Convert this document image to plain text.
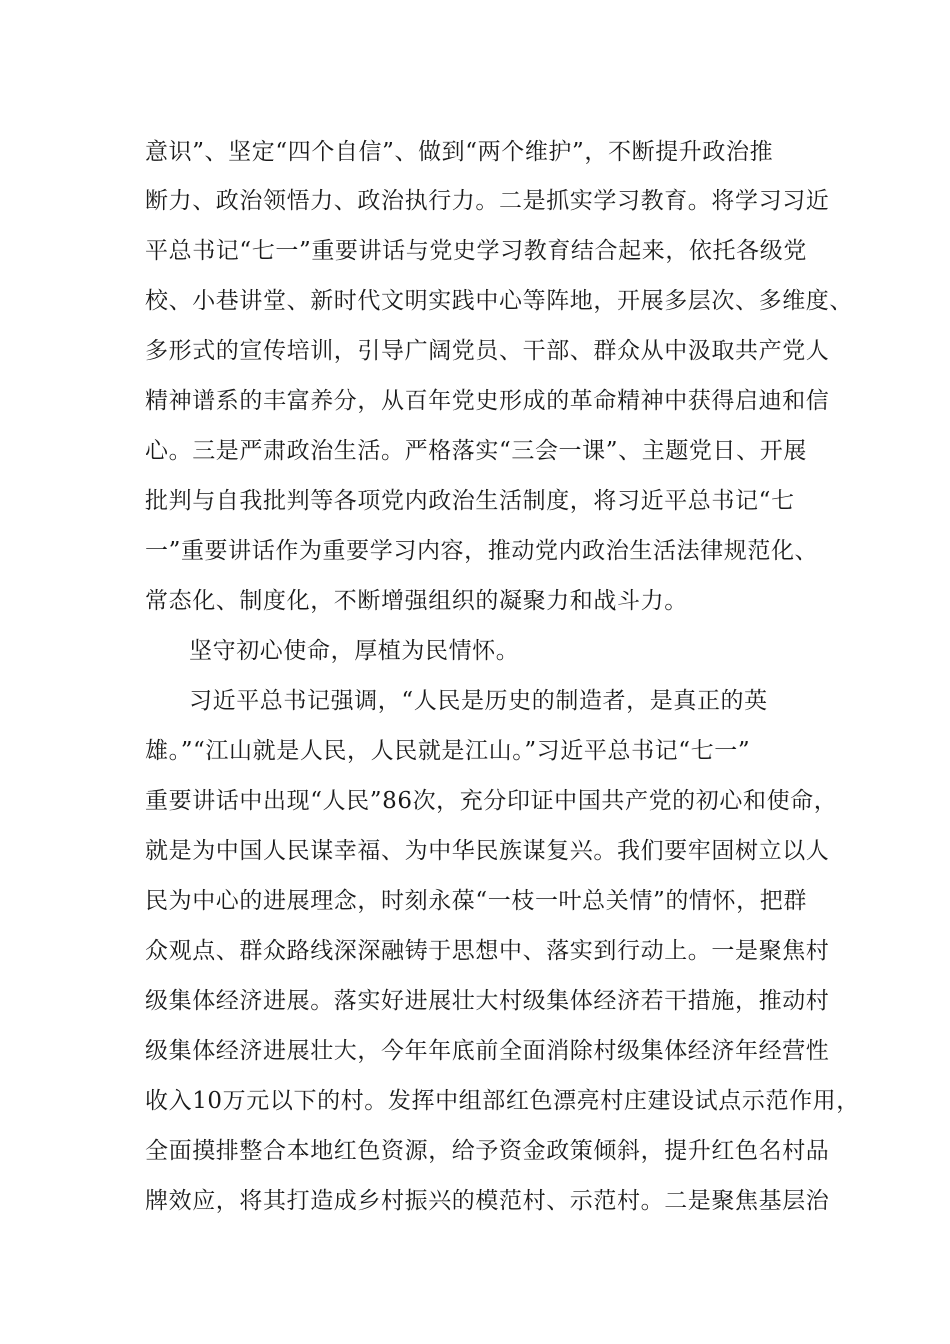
意识”、坚定“四个自信”、做到“两个维护”，不断提升政治推
断力、政治领悟力、政治执行力。二是抓实学习教育。将学习习近
平总书记“七一”重要讲话与党史学习教育结合起来，依托各级党
校、小巷讲堂、新时代文明实践中心等阵地，开展多层次、多维度、
多形式的宣传培训，引导广阔党员、干部、群众从中汲取共产党人
精神谱系的丰富养分，从百年党史形成的革命精神中获得启迪和信
心。三是严肃政治生活。严格落实“三会一课”、主题党日、开展
批判与自我批判等各项党内政治生活制度，将习近平总书记“七
一”重要讲话作为重要学习内容，推动党内政治生活法律规范化、
常态化、制度化，不断增强组织的凝聚力和战斗力。
坚守初心使命，厚植为民情怀。
习近平总书记强调，“人民是历史的制造者，是真正的英
雄。”“江山就是人民，人民就是江山。”习近平总书记“七一”
重要讲话中出现“人民”86次，充分印证中国共产党的初心和使命，
就是为中国人民谋幸福、为中华民族谋复兴。我们要牢固树立以人
民为中心的进展理念，时刻永葆“一枝一叶总关情”的情怀，把群
众观点、群众路线深深融铸于思想中、落实到行动上。一是聚焦村
级集体经济进展。落实好进展壮大村级集体经济若干措施，推动村
级集体经济进展壮大，今年年底前全面消除村级集体经济年经营性
收入10万元以下的村。发挥中组部红色漂亮村庄建设试点示范作用，
全面摸排整合本地红色资源，给予资金政策倾斜，提升红色名村品
牌效应，将其打造成乡村振兴的模范村、示范村。二是聚焦基层治
